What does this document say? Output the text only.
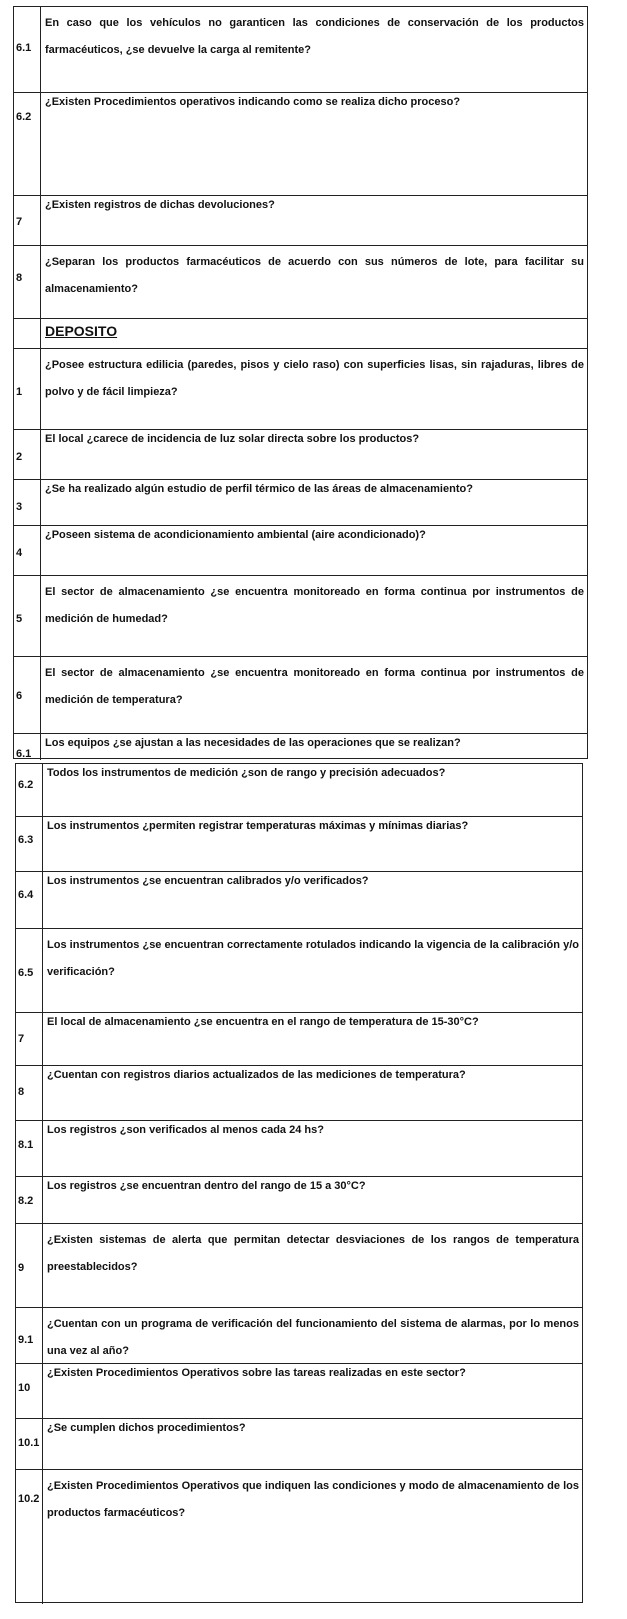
6.1
En caso que los vehículos no garanticen las condiciones de conservación de los productos farmacéuticos, ¿se devuelve la carga al remitente?
6.2
¿Existen Procedimientos operativos indicando como se realiza dicho proceso?
7
¿Existen registros de dichas devoluciones?
8
¿Separan los productos farmacéuticos de acuerdo con sus números de lote, para facilitar su almacenamiento?
DEPOSITO
1
¿Posee estructura edilicia (paredes, pisos y cielo raso) con superficies lisas, sin rajaduras, libres de polvo y de fácil limpieza?
2
El local ¿carece de incidencia de luz solar directa sobre los productos?
3
¿Se ha realizado algún estudio de perfil térmico de las áreas de almacenamiento?
4
¿Poseen sistema de acondicionamiento ambiental (aire acondicionado)?
5
El sector de almacenamiento ¿se encuentra monitoreado en forma continua por instrumentos de medición de humedad?
6
El sector de almacenamiento ¿se encuentra monitoreado en forma continua por instrumentos de medición de temperatura?
6.1
Los equipos ¿se ajustan a las necesidades de las operaciones que se realizan?
6.2
Todos los instrumentos de medición ¿son de rango y precisión adecuados?
6.3
Los instrumentos ¿permiten registrar temperaturas máximas y mínimas diarias?
6.4
Los instrumentos ¿se encuentran calibrados y/o verificados?
6.5
Los instrumentos ¿se encuentran correctamente rotulados indicando la vigencia de la calibración y/o verificación?
7
El local de almacenamiento ¿se encuentra en el rango de temperatura de 15-30°C?
8
¿Cuentan con registros diarios actualizados de las mediciones de temperatura?
8.1
Los registros ¿son verificados al menos cada 24 hs?
8.2
Los registros ¿se encuentran dentro del rango de 15 a 30°C?
9
¿Existen sistemas de alerta que permitan detectar desviaciones de los rangos de temperatura preestablecidos?
9.1
¿Cuentan con un programa de verificación del funcionamiento del sistema de alarmas, por lo menos una vez al año?
10
¿Existen Procedimientos Operativos sobre las tareas realizadas en este sector?
10.1
¿Se cumplen dichos procedimientos?
10.2
¿Existen Procedimientos Operativos que indiquen las condiciones y modo de almacenamiento de los productos farmacéuticos?
